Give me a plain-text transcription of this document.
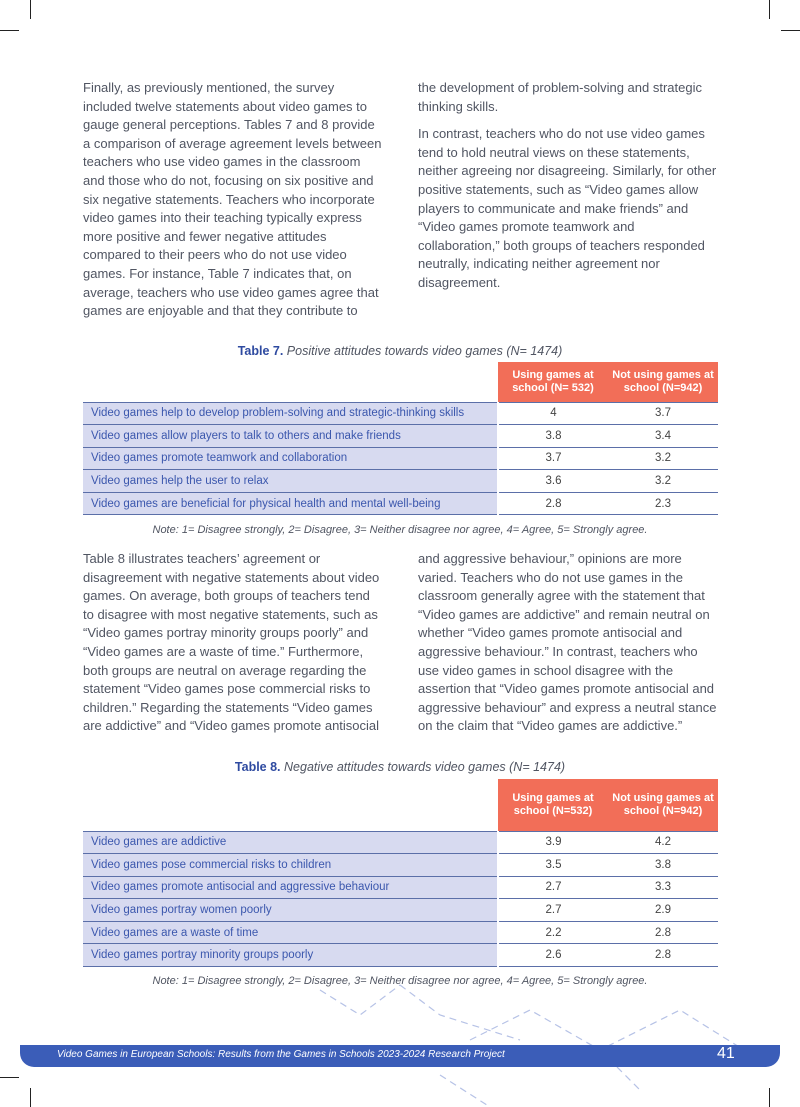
Finally, as previously mentioned, the survey included twelve statements about video games to gauge general perceptions. Tables 7 and 8 provide a comparison of average agreement levels between teachers who use video games in the classroom and those who do not, focusing on six positive and six negative statements. Teachers who incorporate video games into their teaching typically express more positive and fewer negative attitudes compared to their peers who do not use video games. For instance, Table 7 indicates that, on average, teachers who use video games agree that games are enjoyable and that they contribute to

the development of problem-solving and strategic thinking skills.

In contrast, teachers who do not use video games tend to hold neutral views on these statements, neither agreeing nor disagreeing. Similarly, for other positive statements, such as “Video games allow players to communicate and make friends” and “Video games promote teamwork and collaboration,” both groups of teachers responded neutrally, indicating neither agreement nor disagreement.

Table 7. Positive attitudes towards video games (N= 1474)
	Using games at school (N= 532)	Not using games at school (N=942)
Video games help to develop problem-solving and strategic-thinking skills	4	3.7
Video games allow players to talk to others and make friends	3.8	3.4
Video games promote teamwork and collaboration	3.7	3.2
Video games help the user to relax	3.6	3.2
Video games are beneficial for physical health and mental well-being	2.8	2.3
Note: 1= Disagree strongly, 2= Disagree, 3= Neither disagree nor agree, 4= Agree, 5= Strongly agree.

Table 8 illustrates teachers’ agreement or disagreement with negative statements about video games. On average, both groups of teachers tend to disagree with most negative statements, such as “Video games portray minority groups poorly” and “Video games are a waste of time.” Furthermore, both groups are neutral on average regarding the statement “Video games pose commercial risks to children.” Regarding the statements “Video games are addictive” and “Video games promote antisocial

and aggressive behaviour,” opinions are more varied. Teachers who do not use games in the classroom generally agree with the statement that “Video games are addictive” and remain neutral on whether “Video games promote antisocial and aggressive behaviour.” In contrast, teachers who use video games in school disagree with the assertion that “Video games promote antisocial and aggressive behaviour” and express a neutral stance on the claim that “Video games are addictive.”

Table 8. Negative attitudes towards video games (N= 1474)
	Using games at school (N=532)	Not using games at school (N=942)
Video games are addictive	3.9	4.2
Video games pose commercial risks to children	3.5	3.8
Video games promote antisocial and aggressive behaviour	2.7	3.3
Video games portray women poorly	2.7	2.9
Video games are a waste of time	2.2	2.8
Video games portray minority groups poorly	2.6	2.8
Note: 1= Disagree strongly, 2= Disagree, 3= Neither disagree nor agree, 4= Agree, 5= Strongly agree.
Video Games in European Schools: Results from the Games in Schools 2023-2024 Research Project	41
